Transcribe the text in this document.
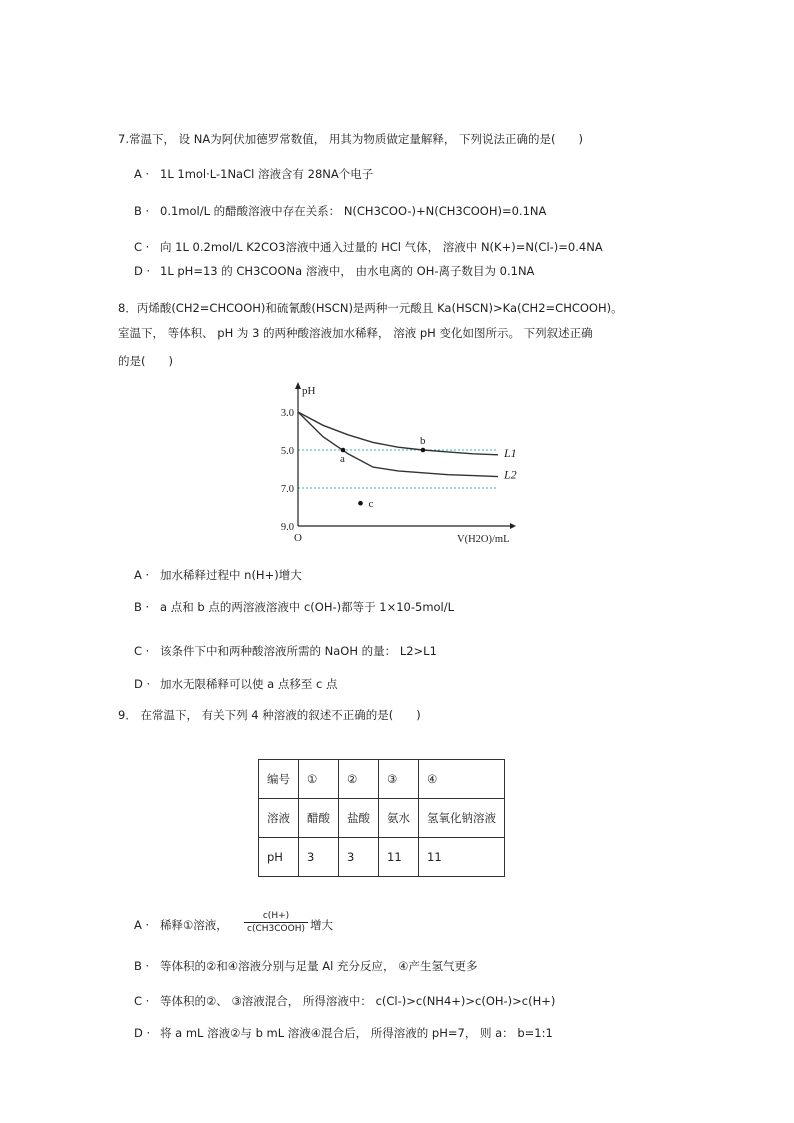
7.常温下， 设 NA为阿伏加德罗常数值， 用其为物质做定量解释， 下列说法正确的是(　　)
A · 1L 1mol·L-1NaCl 溶液含有 28NA个电子
B · 0.1mol/L 的醋酸溶液中存在关系： N(CH3COO-)+N(CH3COOH)=0.1NA
C · 向 1L 0.2mol/L K2CO3溶液中通入过量的 HCl 气体， 溶液中 N(K+)=N(Cl-)=0.4NA
D · 1L pH=13 的 CH3COONa 溶液中， 由水电离的 OH-离子数目为 0.1NA
8．丙烯酸(CH2=CHCOOH)和硫氰酸(HSCN)是两种一元酸且 Ka(HSCN)>Ka(CH2=CHCOOH)。
室温下， 等体积、 pH 为 3 的两种酸溶液加水稀释， 溶液 pH 变化如图所示。 下列叙述正确
的是(　　)
pH
V(H2O)/mL
O
3.0
5.0
7.0
9.0
L1
L2
a
b
c
A · 加水稀释过程中 n(H+)增大
B · a 点和 b 点的两溶液溶液中 c(OH-)都等于 1×10-5mol/L
C · 该条件下中和两种酸溶液所需的 NaOH 的量： L2>L1
D · 加水无限稀释可以使 a 点移至 c 点
9． 在常温下， 有关下列 4 种溶液的叙述不正确的是(　　)
编号	①	②	③	④
溶液	醋酸	盐酸	氨水	氢氧化钠溶液
pH	3	3	11	11
A · 稀释①溶液，
c(H+)
c(CH3COOH) 增大
B · 等体积的②和④溶液分别与足量 Al 充分反应， ④产生氢气更多
C · 等体积的②、 ③溶液混合， 所得溶液中： c(Cl-)>c(NH4+)>c(OH-)>c(H+)
D · 将 a mL 溶液②与 b mL 溶液④混合后， 所得溶液的 pH=7， 则 a： b=1:1
